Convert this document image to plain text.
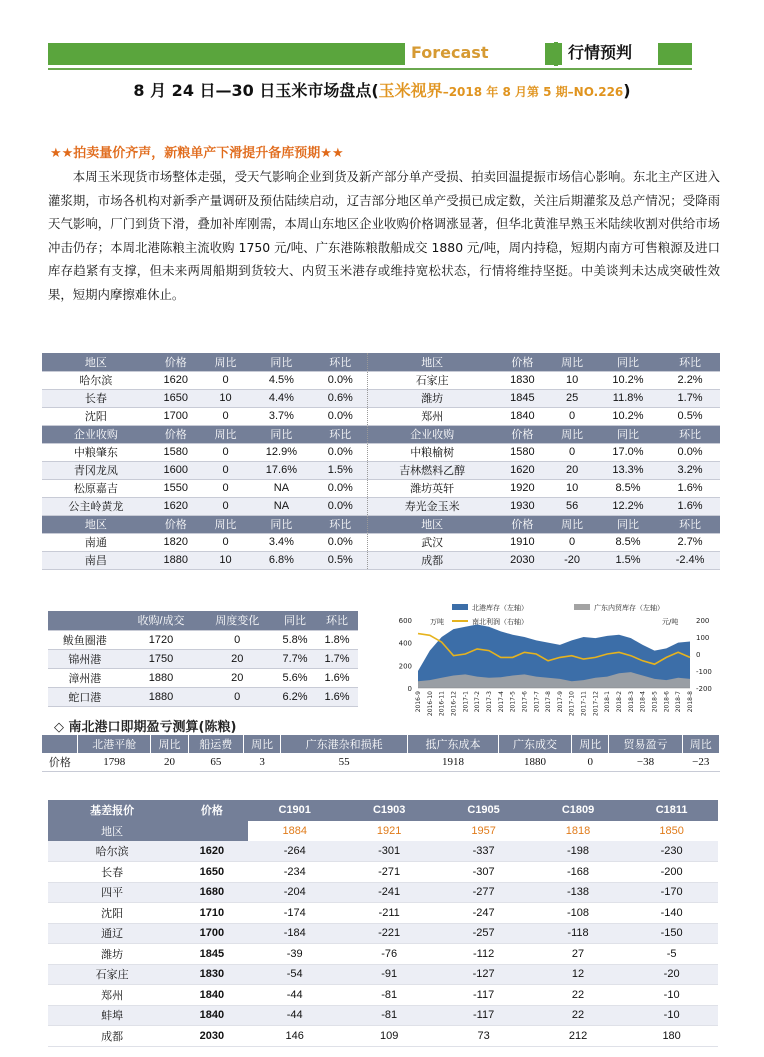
Forecast	行情预判
8 月 24 日—30 日玉米市场盘点(玉米视界–2018 年 8 月第 5 期–NO.226)
★★拍卖量价齐声，新粮单产下滑提升备库预期★★
本周玉米现货市场整体走强，受天气影响企业到货及新产部分单产受损、拍卖回温提振市场信心影响。东北主产区进入灌浆期，市场各机构对新季产量调研及预估陆续启动，辽吉部分地区单产受损已成定数，关注后期灌浆及总产情况；受降雨天气影响，厂门到货下滑，叠加补库刚需，本周山东地区企业收购价格调涨显著，但华北黄淮早熟玉米陆续收割对供给市场冲击仍存；本周北港陈粮主流收购 1750 元/吨、广东港陈粮散船成交 1880 元/吨，周内持稳，短期内南方可售粮源及进口库存趋紧有支撑，但未来两周船期到货较大、内贸玉米港存或维持宽松状态，行情将维持坚挺。中美谈判未达成突破性效果，短期内摩擦难休止。
地区	价格	周比	同比	环比	地区	价格	周比	同比	环比
哈尔滨	1620	0	4.5%	0.0%	石家庄	1830	10	10.2%	2.2%
长春	1650	10	4.4%	0.6%	潍坊	1845	25	11.8%	1.7%
沈阳	1700	0	3.7%	0.0%	郑州	1840	0	10.2%	0.5%
企业收购	价格	周比	同比	环比	企业收购	价格	周比	同比	环比
中粮肇东	1580	0	12.9%	0.0%	中粮榆树	1580	0	17.0%	0.0%
青冈龙凤	1600	0	17.6%	1.5%	吉林燃料乙醇	1620	20	13.3%	3.2%
松原嘉吉	1550	0	NA	0.0%	潍坊英轩	1920	10	8.5%	1.6%
公主岭黄龙	1620	0	NA	0.0%	寿光金玉米	1930	56	12.2%	1.6%
地区	价格	周比	同比	环比	地区	价格	周比	同比	环比
南通	1820	0	3.4%	0.0%	武汉	1910	0	8.5%	2.7%
南昌	1880	10	6.8%	0.5%	成都	2030	-20	1.5%	-2.4%
	收购/成交	周度变化	同比	环比
鲅鱼圈港	1720	0	5.8%	1.8%
锦州港	1750	20	7.7%	1.7%
漳州港	1880	20	5.6%	1.6%
蛇口港	1880	0	6.2%	1.6%
北港库存（左轴）	广东内贸库存（左轴）
南北利润（右轴）
万吨	元/吨
0
200
400
600
-200
-100
0
100
200
2016-9 2016-10 2016-11 2016-12 2017-1 2017-2 2017-3 2017-4 2017-5 2017-6 2017-7 2017-8 2017-9 2017-10 2017-11 2017-12 2018-1 2018-2 2018-3 2018-4 2018-5 2018-6 2018-7 2018-8
◇ 南北港口即期盈亏测算(陈粮)
	北港平舱	周比	船运费	周比	广东港杂和损耗	抵广东成本	广东成交	周比	贸易盈亏	周比
价格	1798	20	65	3	55	1918	1880	0	−38	−23
基差报价	价格	C1901	C1903	C1905	C1809	C1811
地区		1884	1921	1957	1818	1850
哈尔滨	1620	-264	-301	-337	-198	-230
长春	1650	-234	-271	-307	-168	-200
四平	1680	-204	-241	-277	-138	-170
沈阳	1710	-174	-211	-247	-108	-140
通辽	1700	-184	-221	-257	-118	-150
潍坊	1845	-39	-76	-112	27	-5
石家庄	1830	-54	-91	-127	12	-20
郑州	1840	-44	-81	-117	22	-10
蚌埠	1840	-44	-81	-117	22	-10
成都	2030	146	109	73	212	180
